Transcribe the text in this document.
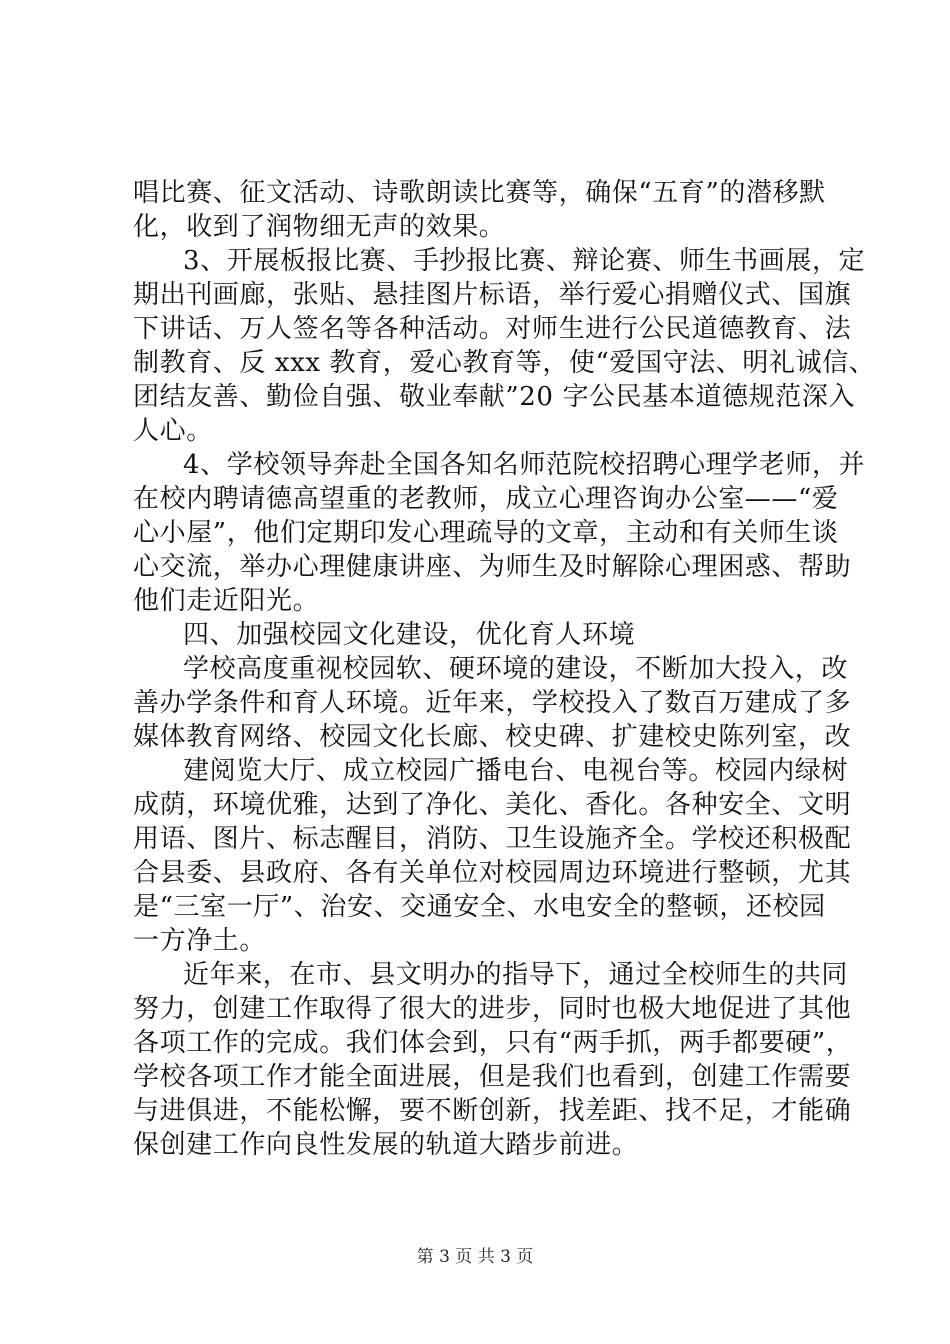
唱比赛、征文活动、诗歌朗读比赛等，确保“五育”的潜移默
化，收到了润物细无声的效果。
3、开展板报比赛、手抄报比赛、辩论赛、师生书画展，定
期出刊画廊，张贴、悬挂图片标语，举行爱心捐赠仪式、国旗
下讲话、万人签名等各种活动。对师生进行公民道德教育、法
制教育、反 xxx 教育，爱心教育等，使“爱国守法、明礼诚信、
团结友善、勤俭自强、敬业奉献”20 字公民基本道德规范深入
人心。
4、学校领导奔赴全国各知名师范院校招聘心理学老师，并
在校内聘请德高望重的老教师，成立心理咨询办公室——“爱
心小屋”，他们定期印发心理疏导的文章，主动和有关师生谈
心交流，举办心理健康讲座、为师生及时解除心理困惑、帮助
他们走近阳光。
四、加强校园文化建设，优化育人环境
学校高度重视校园软、硬环境的建设，不断加大投入，改
善办学条件和育人环境。近年来，学校投入了数百万建成了多
媒体教育网络、校园文化长廊、校史碑、扩建校史陈列室，改
建阅览大厅、成立校园广播电台、电视台等。校园内绿树
成荫，环境优雅，达到了净化、美化、香化。各种安全、文明
用语、图片、标志醒目，消防、卫生设施齐全。学校还积极配
合县委、县政府、各有关单位对校园周边环境进行整顿，尤其
是“三室一厅”、治安、交通安全、水电安全的整顿，还校园
一方净土。
近年来，在市、县文明办的指导下，通过全校师生的共同
努力，创建工作取得了很大的进步，同时也极大地促进了其他
各项工作的完成。我们体会到，只有“两手抓，两手都要硬”，
学校各项工作才能全面进展，但是我们也看到，创建工作需要
与进俱进，不能松懈，要不断创新，找差距、找不足，才能确
保创建工作向良性发展的轨道大踏步前进。
第 3 页 共 3 页
